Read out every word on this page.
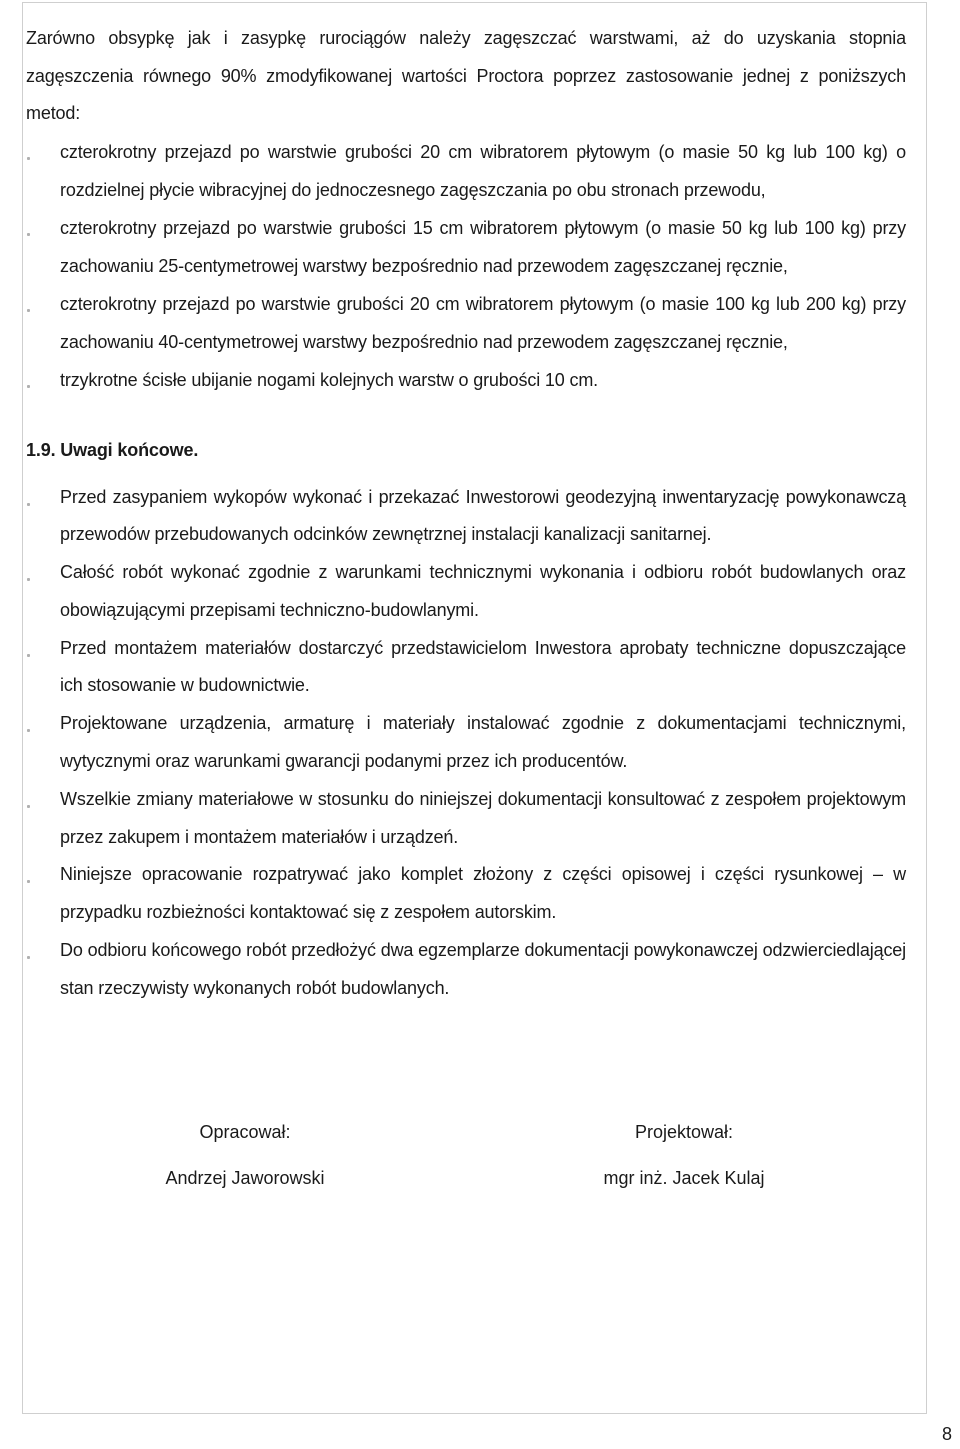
Zarówno obsypkę jak i zasypkę rurociągów należy zagęszczać warstwami, aż do uzyskania stopnia zagęszczenia równego 90% zmodyfikowanej wartości Proctora poprzez zastosowanie jednej z poniższych metod:

czterokrotny przejazd po warstwie grubości 20 cm wibratorem płytowym (o masie 50 kg lub 100 kg) o rozdzielnej płycie wibracyjnej do jednoczesnego zagęszczania po obu stronach przewodu,
czterokrotny przejazd po warstwie grubości 15 cm wibratorem płytowym (o masie 50 kg lub 100 kg) przy zachowaniu 25-centymetrowej warstwy bezpośrednio nad przewodem zagęszczanej ręcznie,
czterokrotny przejazd po warstwie grubości 20 cm wibratorem płytowym (o masie 100 kg lub 200 kg) przy zachowaniu 40-centymetrowej warstwy bezpośrednio nad przewodem zagęszczanej ręcznie,
trzykrotne ścisłe ubijanie nogami kolejnych warstw o grubości 10 cm.
1.9. Uwagi końcowe.
Przed zasypaniem wykopów wykonać i przekazać Inwestorowi geodezyjną inwentaryzację powykonawczą przewodów przebudowanych odcinków zewnętrznej instalacji kanalizacji sanitarnej.
Całość robót wykonać zgodnie z warunkami technicznymi wykonania i odbioru robót budowlanych oraz obowiązującymi przepisami techniczno-budowlanymi.
Przed montażem materiałów dostarczyć przedstawicielom Inwestora aprobaty techniczne dopuszczające ich stosowanie w budownictwie.
Projektowane urządzenia, armaturę i materiały instalować zgodnie z dokumentacjami technicznymi, wytycznymi oraz warunkami gwarancji podanymi przez ich producentów.
Wszelkie zmiany materiałowe w stosunku do niniejszej dokumentacji konsultować z zespołem projektowym przez zakupem i montażem materiałów i urządzeń.
Niniejsze opracowanie rozpatrywać jako komplet złożony z części opisowej i części rysunkowej – w przypadku rozbieżności kontaktować się z zespołem autorskim.
Do odbioru końcowego robót przedłożyć dwa egzemplarze dokumentacji powykonawczej odzwierciedlającej stan rzeczywisty wykonanych robót budowlanych.
Opracował:
Andrzej Jaworowski
Projektował:
mgr inż. Jacek Kulaj
8
